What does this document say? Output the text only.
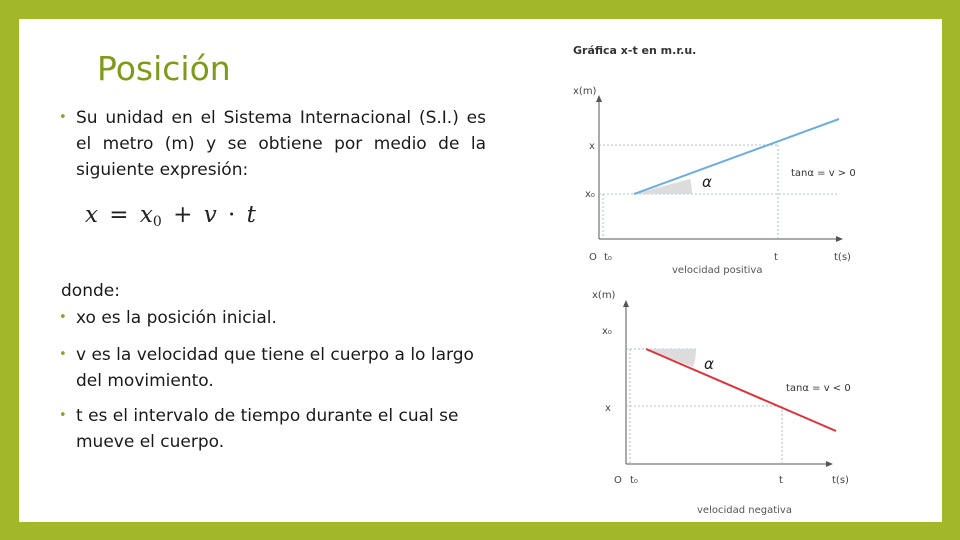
Posición
• Su unidad en el Sistema Internacional (S.I.) es el metro (m) y se obtiene por medio de la siguiente expresión:
$x = x_0 + v \cdot t$
donde:
• xo es la posición inicial.
• v es la velocidad que tiene el cuerpo a lo largo del movimiento.
• t es el intervalo de tiempo durante el cual se mueve el cuerpo.
Gráfica x-t en m.r.u.
x(m)
x
x₀
O t₀	t	t(s)
α	tanα = v > 0
velocidad positiva
x(m)
x₀
x
O t₀	t	t(s)
α
tanα = v < 0
velocidad negativa
